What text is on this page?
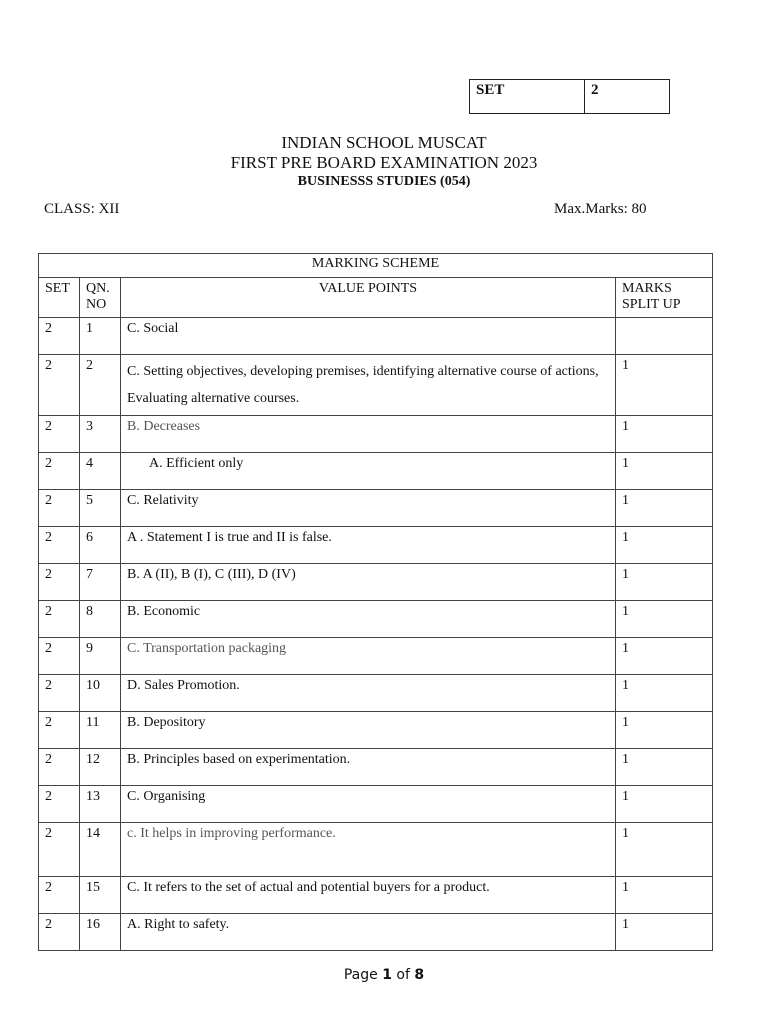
SET	2
INDIAN SCHOOL MUSCAT
FIRST PRE BOARD EXAMINATION 2023
BUSINESSS STUDIES (054)
CLASS: XII	Max.Marks: 80
MARKING SCHEME			
SET	QN. NO	VALUE POINTS	MARKS SPLIT UP
2	1	C. Social	
2	2	C. Setting objectives, developing premises, identifying alternative course of actions, Evaluating alternative courses.	1
2	3	B. Decreases	1
2	4	A. Efficient only	1
2	5	C. Relativity	1
2	6	A . Statement I is true and II is false.	1
2	7	B. A (II), B (I), C (III), D (IV)	1
2	8	B. Economic	1
2	9	C. Transportation packaging	1
2	10	D. Sales Promotion.	1
2	11	B. Depository	1
2	12	B. Principles based on experimentation.	1
2	13	C. Organising	1
2	14	c. It helps in improving performance.	1
2	15	C. It refers to the set of actual and potential buyers for a product.	1
2	16	A. Right to safety.	1
Page 1 of 8
